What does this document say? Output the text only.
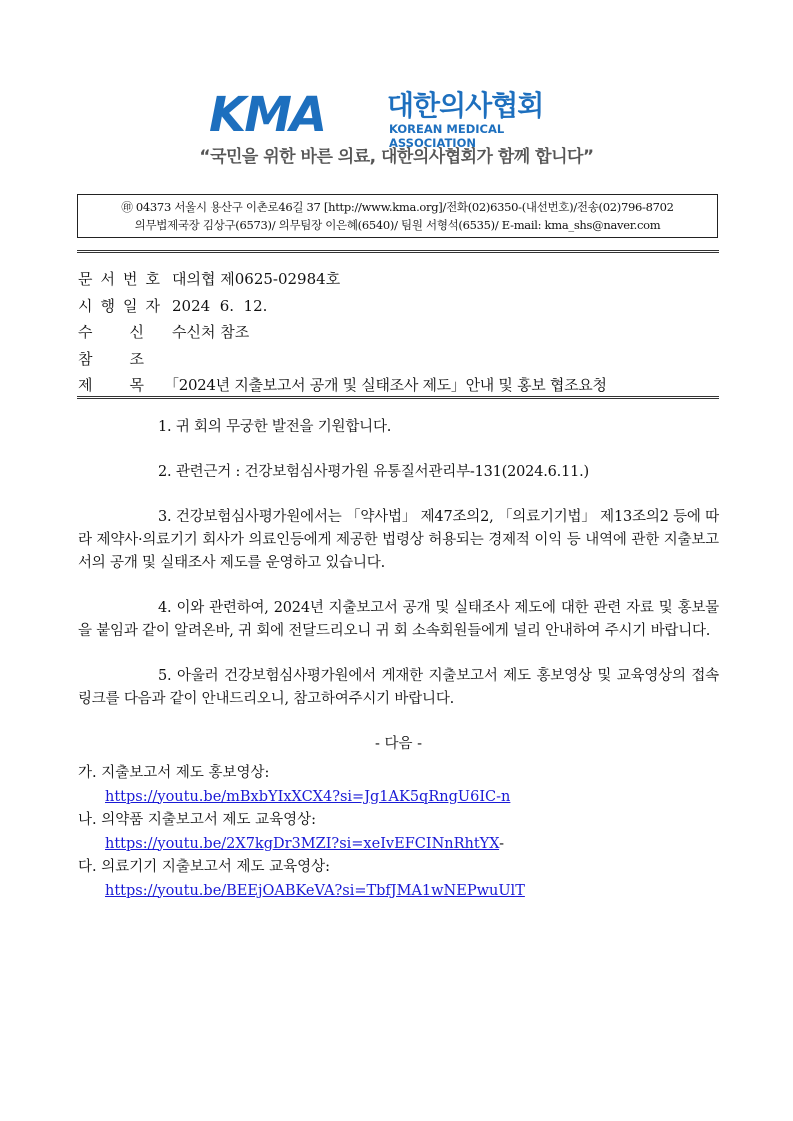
KMA 대한의사협회
KOREAN MEDICAL ASSOCIATION
“국민을 위한 바른 의료, 대한의사협회가 함께 합니다”
㊞ 04373 서울시 용산구 이촌로46길 37 [http://www.kma.org]/전화(02)6350-(내선번호)/전송(02)796-8702
의무법제국장 김상구(6573)/ 의무팀장 이은혜(6540)/ 팀원 서형석(6535)/ E-mail: kma_shs@naver.com
문 서 번 호 대의협 제0625-02984호
시 행 일 자 2024  6.  12.
수 신 수신처 참조
참 조
제 목 「2024년 지출보고서 공개 및 실태조사 제도」안내 및 홍보 협조요청

1. 귀 회의 무궁한 발전을 기원합니다.

2. 관련근거 : 건강보험심사평가원 유통질서관리부-131(2024.6.11.)

3. 건강보험심사평가원에서는 「약사법」 제47조의2, 「의료기기법」 제13조의2 등에 따라 제약사·의료기기 회사가 의료인등에게 제공한 법령상 허용되는 경제적 이익 등 내역에 관한 지출보고서의 공개 및 실태조사 제도를 운영하고 있습니다.

4. 이와 관련하여, 2024년 지출보고서 공개 및 실태조사 제도에 대한 관련 자료 및 홍보물을 붙임과 같이 알려온바, 귀 회에 전달드리오니 귀 회 소속회원들에게 널리 안내하여 주시기 바랍니다.

5. 아울러 건강보험심사평가원에서 게재한 지출보고서 제도 홍보영상 및 교육영상의 접속링크를 다음과 같이 안내드리오니, 참고하여주시기 바랍니다.

- 다음 -

가. 지출보고서 제도 홍보영상:

https://youtu.be/mBxbYIxXCX4?si=Jg1AK5qRngU6IC-n

나. 의약품 지출보고서 제도 교육영상:

https://youtu.be/2X7kgDr3MZI?si=xeIvEFCINnRhtYX-

다. 의료기기 지출보고서 제도 교육영상:

https://youtu.be/BEEjOABKeVA?si=TbfJMA1wNEPwuUlT
